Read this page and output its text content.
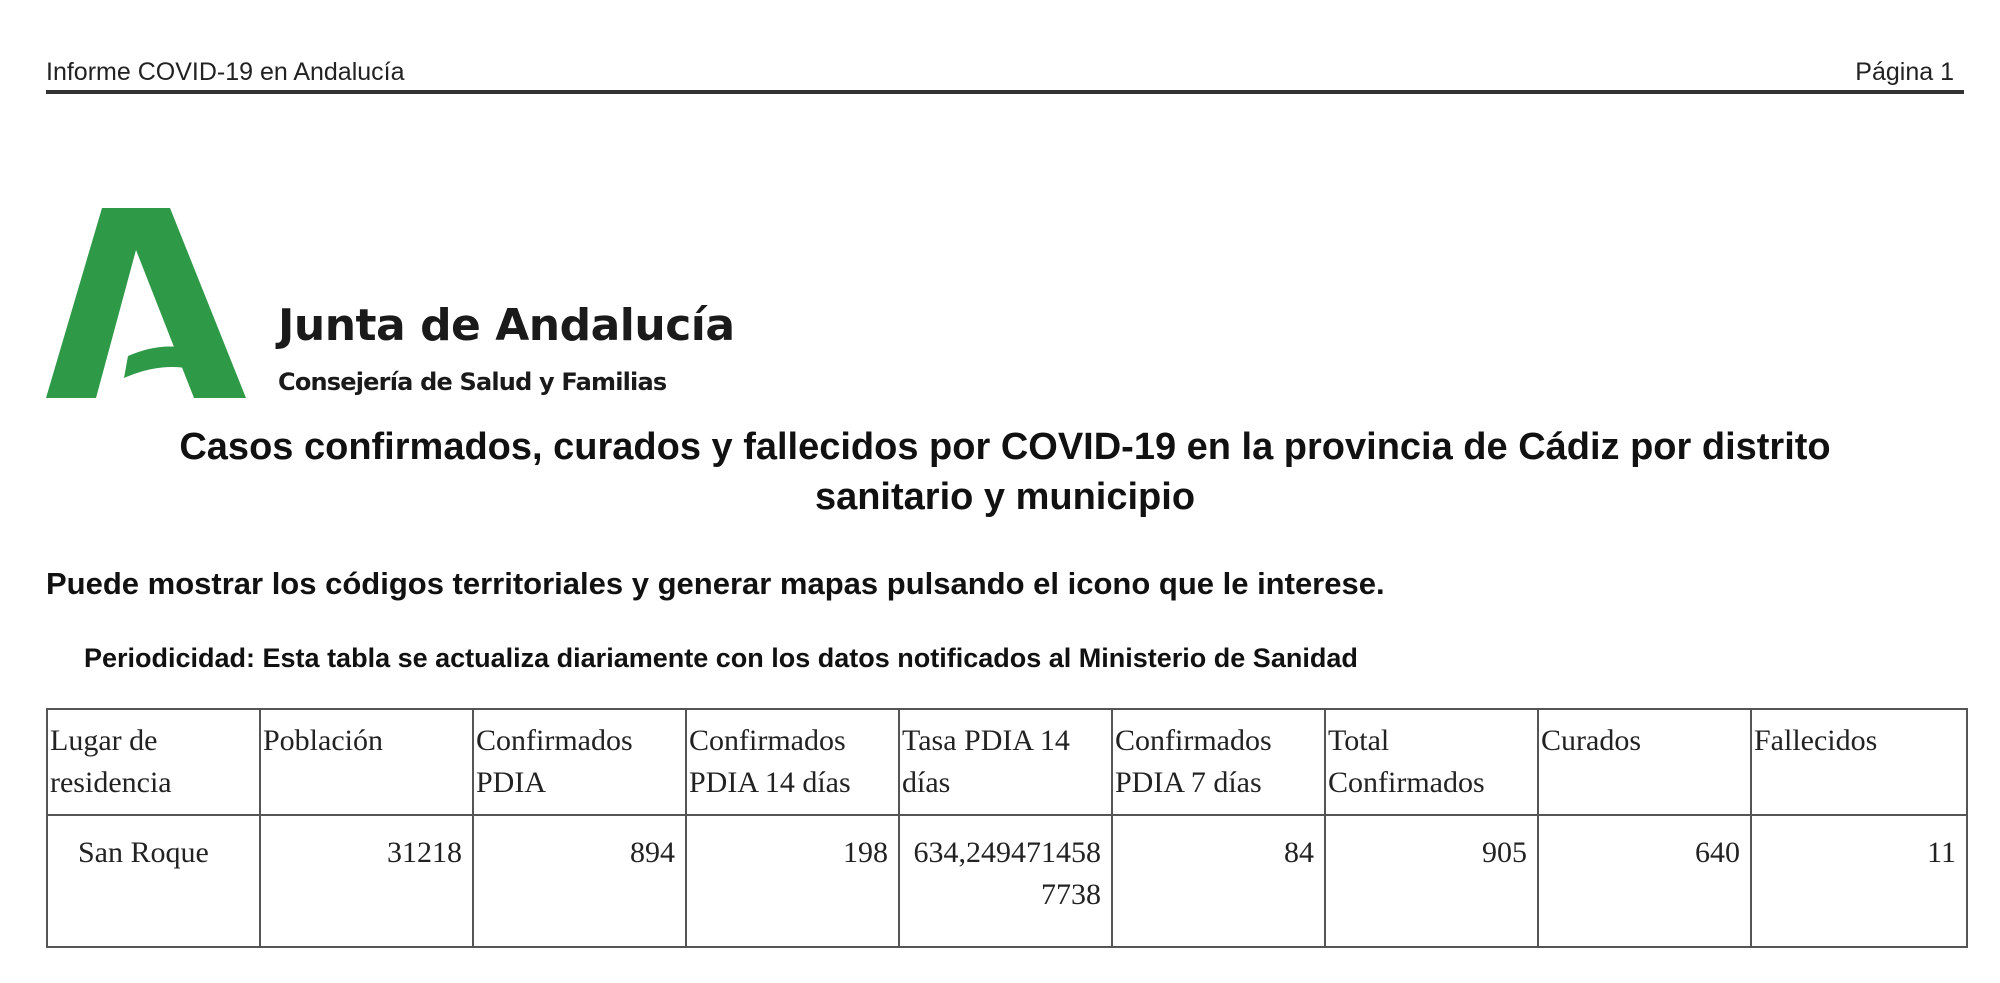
Informe COVID-19 en Andalucía	Página 1
Junta de Andalucía
Consejería de Salud y Familias
Casos confirmados, curados y fallecidos por COVID-19 en la provincia de Cádiz por distrito
sanitario y municipio
Puede mostrar los códigos territoriales y generar mapas pulsando el icono que le interese.
Periodicidad: Esta tabla se actualiza diariamente con los datos notificados al Ministerio de Sanidad
Lugar de residencia	Población	Confirmados PDIA	Confirmados PDIA 14 días	Tasa PDIA 14 días	Confirmados PDIA 7 días	Total Confirmados	Curados	Fallecidos
San Roque	31218	894	198	634,2494714587738	84	905	640	11
